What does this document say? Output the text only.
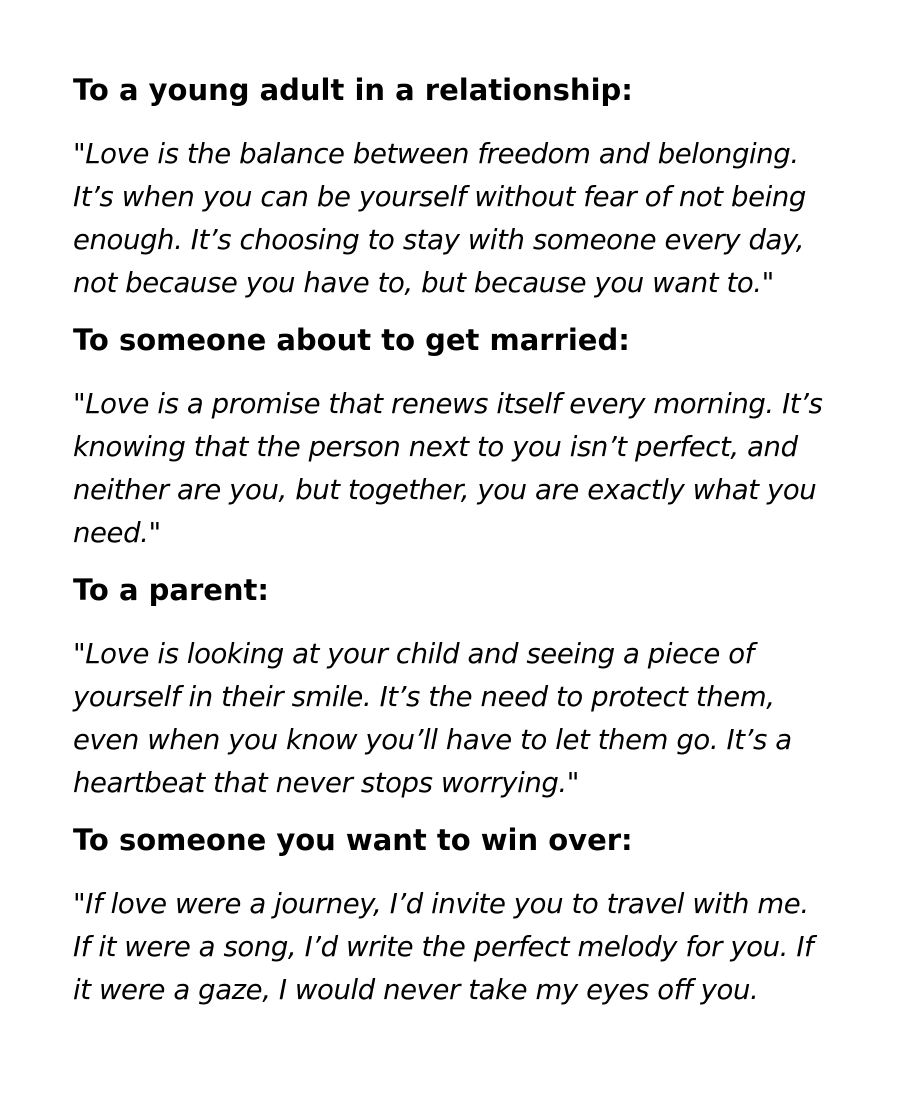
To a young adult in a relationship:

"Love is the balance between freedom and belonging.
It’s when you can be yourself without fear of not being
enough. It’s choosing to stay with someone every day,
not because you have to, but because you want to."

To someone about to get married:

"Love is a promise that renews itself every morning. It’s
knowing that the person next to you isn’t perfect, and
neither are you, but together, you are exactly what you
need."

To a parent:

"Love is looking at your child and seeing a piece of
yourself in their smile. It’s the need to protect them,
even when you know you’ll have to let them go. It’s a
heartbeat that never stops worrying."

To someone you want to win over:

"If love were a journey, I’d invite you to travel with me.
If it were a song, I’d write the perfect melody for you. If
it were a gaze, I would never take my eyes off you.
